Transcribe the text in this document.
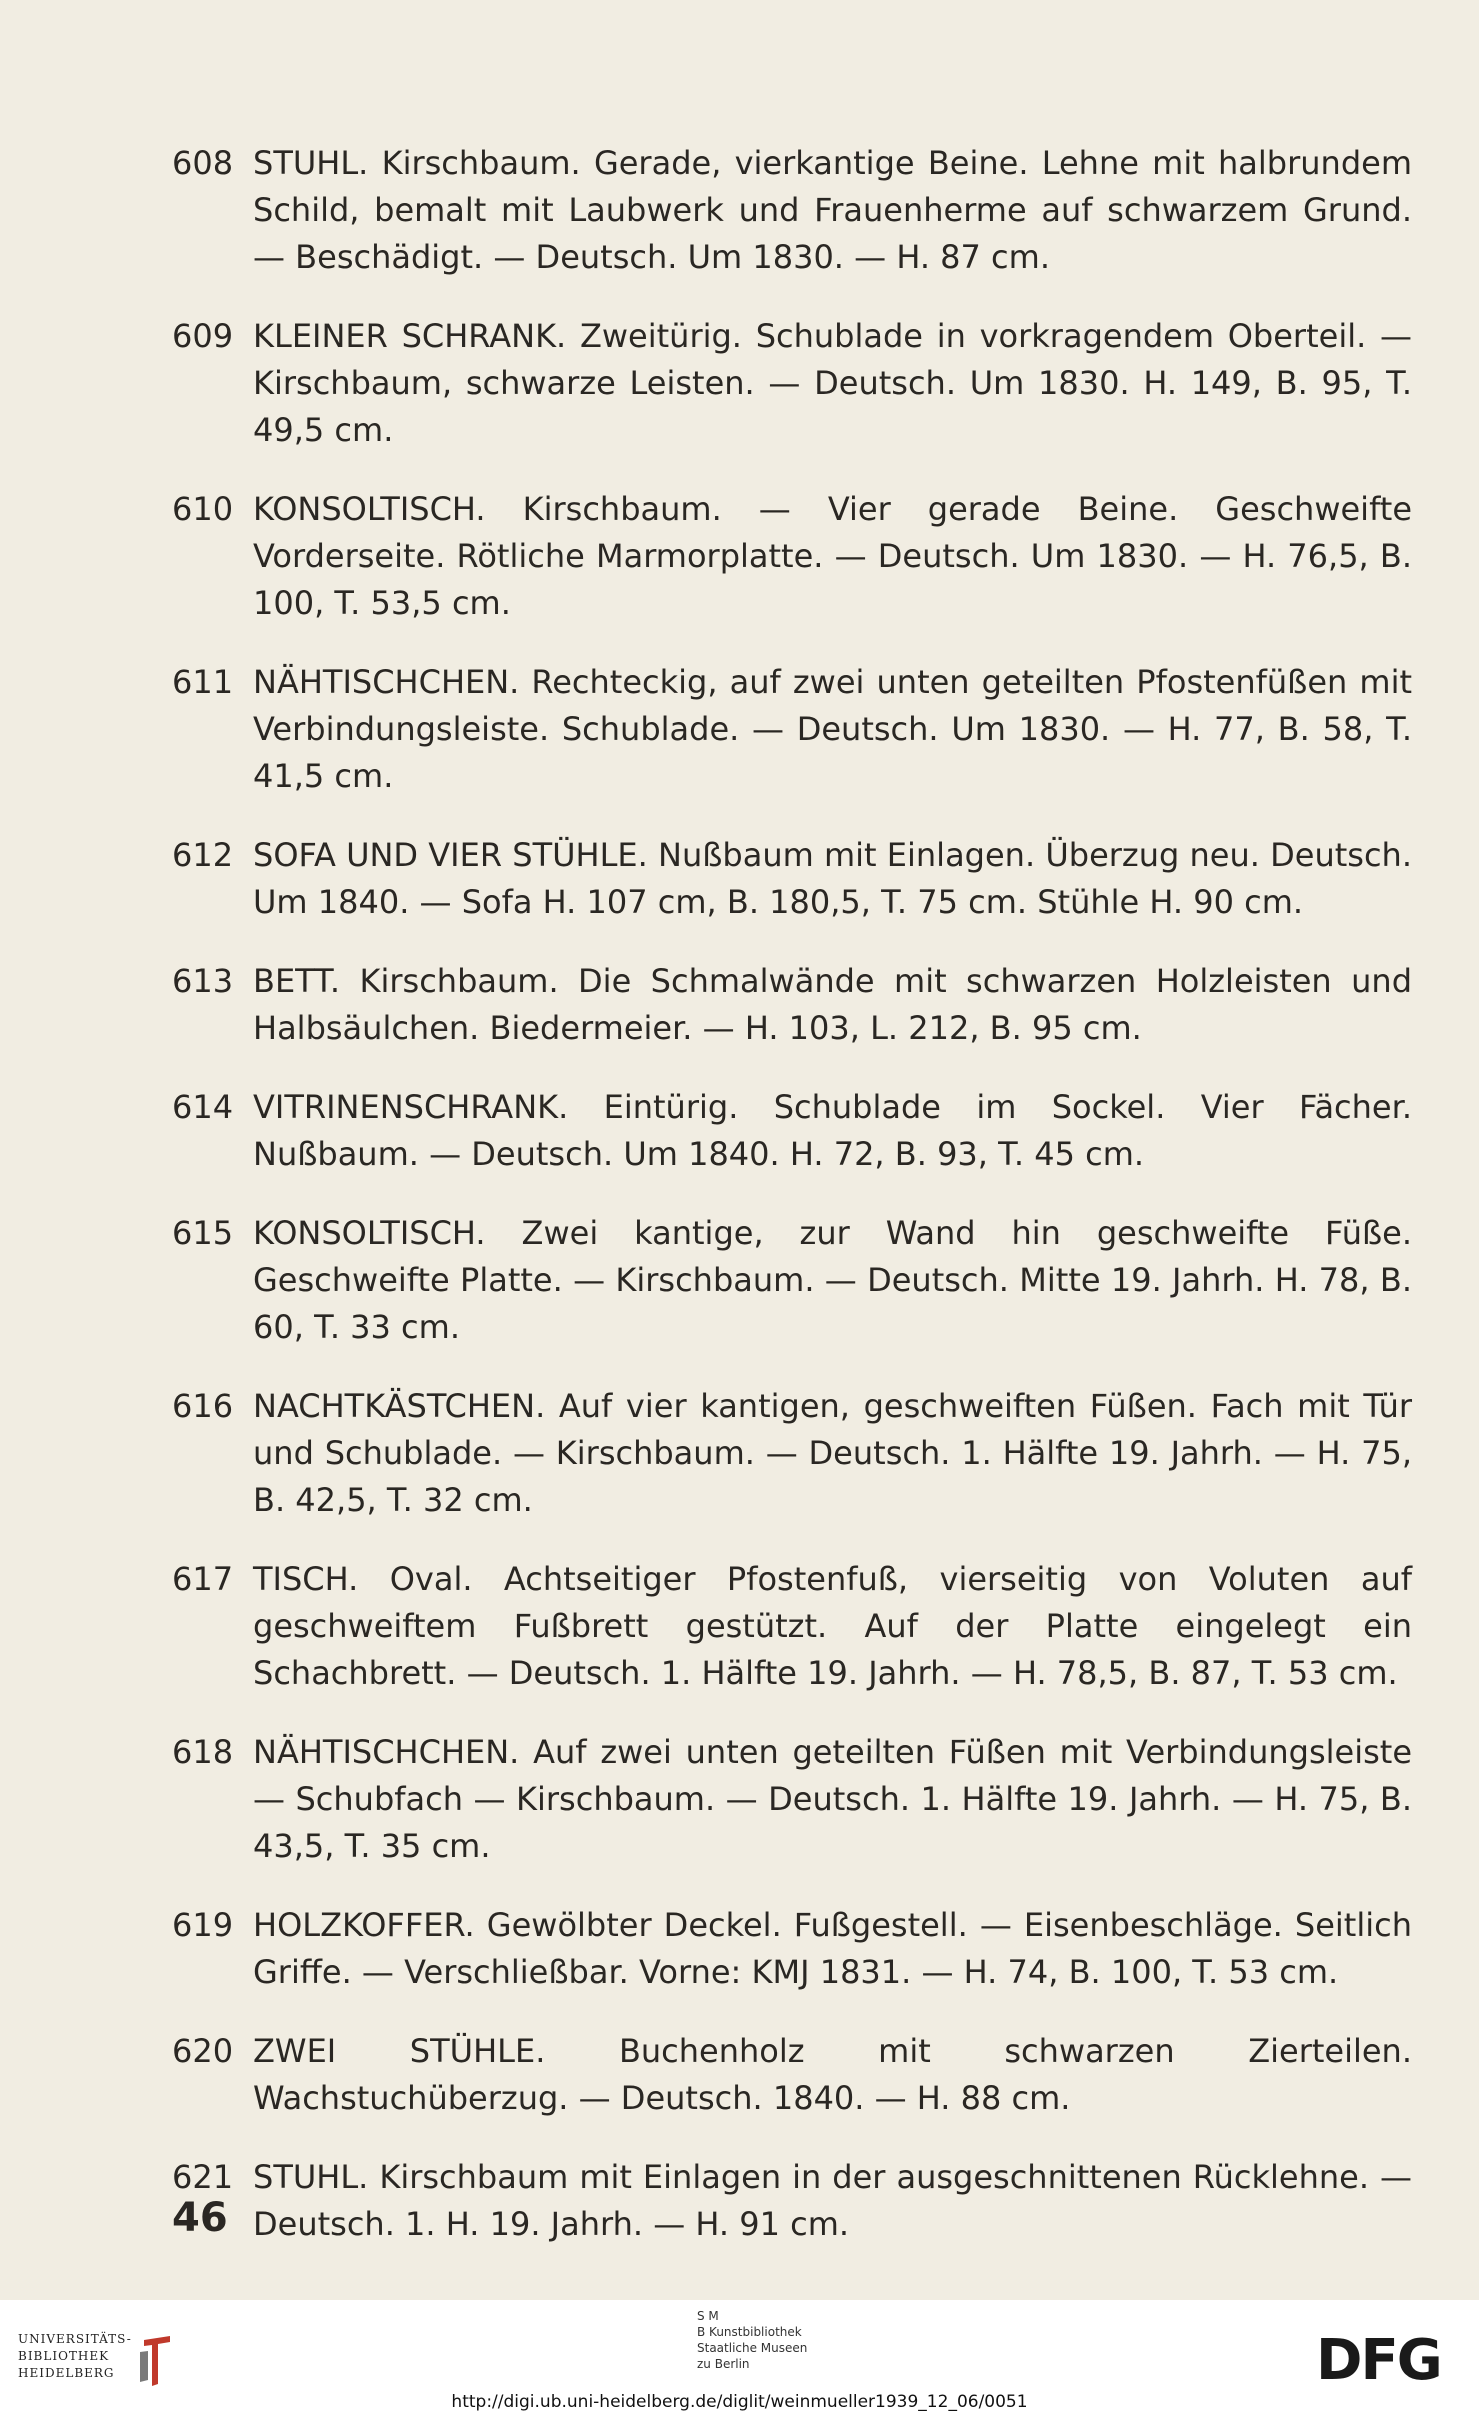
608 STUHL. Kirschbaum. Gerade, vierkantige Beine. Lehne mit halbrundem Schild, bemalt mit Laubwerk und Frauenherme auf schwarzem Grund. — Beschädigt. — Deutsch. Um 1830. — H. 87 cm.

609 KLEINER SCHRANK. Zweitürig. Schublade in vorkragendem Oberteil. — Kirschbaum, schwarze Leisten. — Deutsch. Um 1830. H. 149, B. 95, T. 49,5 cm.

610 KONSOLTISCH. Kirschbaum. — Vier gerade Beine. Geschweifte Vorderseite. Rötliche Marmorplatte. — Deutsch. Um 1830. — H. 76,5, B. 100, T. 53,5 cm.

611 NÄHTISCHCHEN. Rechteckig, auf zwei unten geteilten Pfostenfüßen mit Verbindungsleiste. Schublade. — Deutsch. Um 1830. — H. 77, B. 58, T. 41,5 cm.

612 SOFA UND VIER STÜHLE. Nußbaum mit Einlagen. Überzug neu. Deutsch. Um 1840. — Sofa H. 107 cm, B. 180,5, T. 75 cm. Stühle H. 90 cm.

613 BETT. Kirschbaum. Die Schmalwände mit schwarzen Holzleisten und Halbsäulchen. Biedermeier. — H. 103, L. 212, B. 95 cm.

614 VITRINENSCHRANK. Eintürig. Schublade im Sockel. Vier Fächer. Nußbaum. — Deutsch. Um 1840. H. 72, B. 93, T. 45 cm.

615 KONSOLTISCH. Zwei kantige, zur Wand hin geschweifte Füße. Geschweifte Platte. — Kirschbaum. — Deutsch. Mitte 19. Jahrh. H. 78, B. 60, T. 33 cm.

616 NACHTKÄSTCHEN. Auf vier kantigen, geschweiften Füßen. Fach mit Tür und Schublade. — Kirschbaum. — Deutsch. 1. Hälfte 19. Jahrh. — H. 75, B. 42,5, T. 32 cm.

617 TISCH. Oval. Achtseitiger Pfostenfuß, vierseitig von Voluten auf geschweiftem Fußbrett gestützt. Auf der Platte eingelegt ein Schachbrett. — Deutsch. 1. Hälfte 19. Jahrh. — H. 78,5, B. 87, T. 53 cm.

618 NÄHTISCHCHEN. Auf zwei unten geteilten Füßen mit Verbindungsleiste — Schubfach — Kirschbaum. — Deutsch. 1. Hälfte 19. Jahrh. — H. 75, B. 43,5, T. 35 cm.

619 HOLZKOFFER. Gewölbter Deckel. Fußgestell. — Eisenbeschläge. Seitlich Griffe. — Verschließbar. Vorne: KMJ 1831. — H. 74, B. 100, T. 53 cm.

620 ZWEI STÜHLE. Buchenholz mit schwarzen Zierteilen. Wachstuchüberzug. — Deutsch. 1840. — H. 88 cm.

621 STUHL. Kirschbaum mit Einlagen in der ausgeschnittenen Rücklehne. — Deutsch. 1. H. 19. Jahrh. — H. 91 cm.

46
UNIVERSITÄTS-
BIBLIOTHEK
HEIDELBERG
S M
B Kunstbibliothek
Staatliche Museen
zu Berlin	DFG
http://digi.ub.uni-heidelberg.de/diglit/weinmueller1939_12_06/0051
